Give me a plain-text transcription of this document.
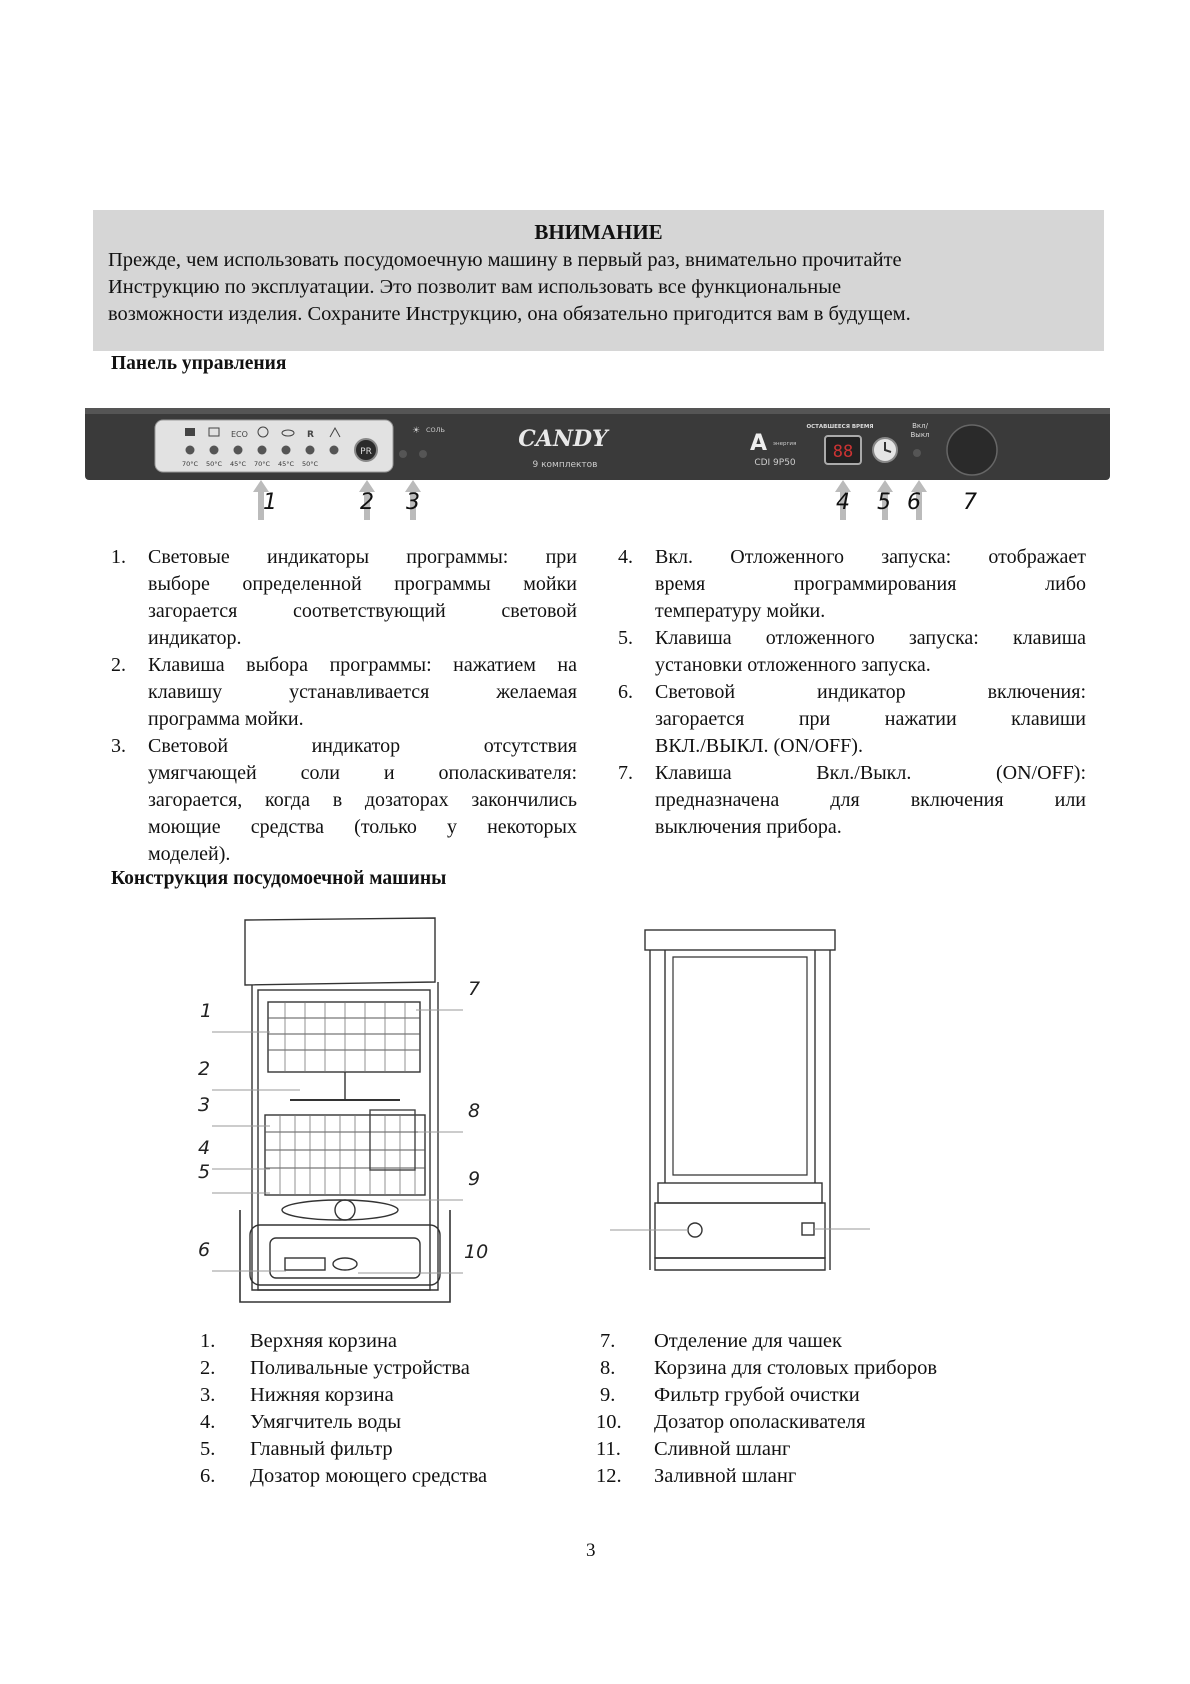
ВНИМАНИЕ
Прежде, чем использовать посудомоечную машину в первый раз, внимательно прочитайте
Инструкцию по эксплуатации. Это позволит вам использовать все функциональные
возможности изделия. Сохраните Инструкцию, она обязательно пригодится вам в будущем.
Панель управления
ECO	R
70°C 50°C 45°C 70°C 45°C 50°C
PR
☀ СОЛЬ	CANDY
9 комплектов
A энергия
CDI 9P50
ОСТАВШЕЕСЯ ВРЕМЯ
88
Вкл/
Выкл
1	2 3	4 5 6 7
1. Световые индикаторы программы: при
выборе определенной программы мойки
загорается соответствующий световой
индикатор.
2. Клавиша выбора программы: нажатием на
клавишу устанавливается желаемая
программа мойки.
3. Световой индикатор отсутствия
умягчающей соли и ополаскивателя:
загорается, когда в дозаторах закончились
моющие средства (только у некоторых
моделей).
4. Вкл. Отложенного запуска: отображает
время программирования либо
температуру мойки.
5. Клавиша отложенного запуска: клавиша
установки отложенного запуска.
6. Световой индикатор включения:
загорается при нажатии клавиши
ВКЛ./ВЫКЛ. (ON/OFF).
7. Клавиша Вкл./Выкл. (ON/OFF):
предназначена для включения или
выключения прибора.
Конструкция посудомоечной машины
1
2
3
4
5
6
7
8
9
10
1. Верхняя корзина
2. Поливальные устройства
3. Нижняя корзина
4. Умягчитель воды
5. Главный фильтр
6. Дозатор моющего средства
7. Отделение для чашек
8. Корзина для столовых приборов
9. Фильтр грубой очистки
10. Дозатор ополаскивателя
11. Сливной шланг
12. Заливной шланг
3
